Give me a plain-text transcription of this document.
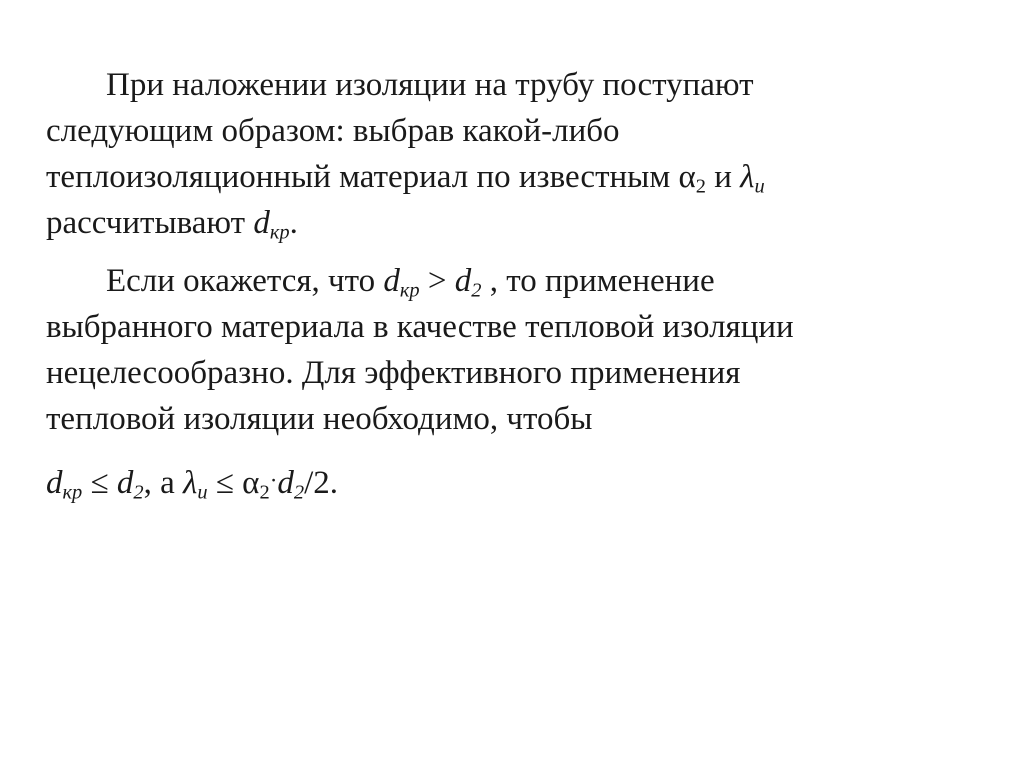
При наложении изоляции на трубу поступают
следующим образом: выбрав какой-либо
теплоизоляционный материал по известным $\alpha_2$ и $\lambda_и$
рассчитывают $d_{кр}$.

Если окажется, что $d_{кр} > d_2$ , то применение
выбранного материала в качестве тепловой изоляции
нецелесообразно. Для эффективного применения
тепловой изоляции необходимо, чтобы

$d_{кр} \le d_2$, а $\lambda_и \le \alpha_2\cdot d_2/2$.
